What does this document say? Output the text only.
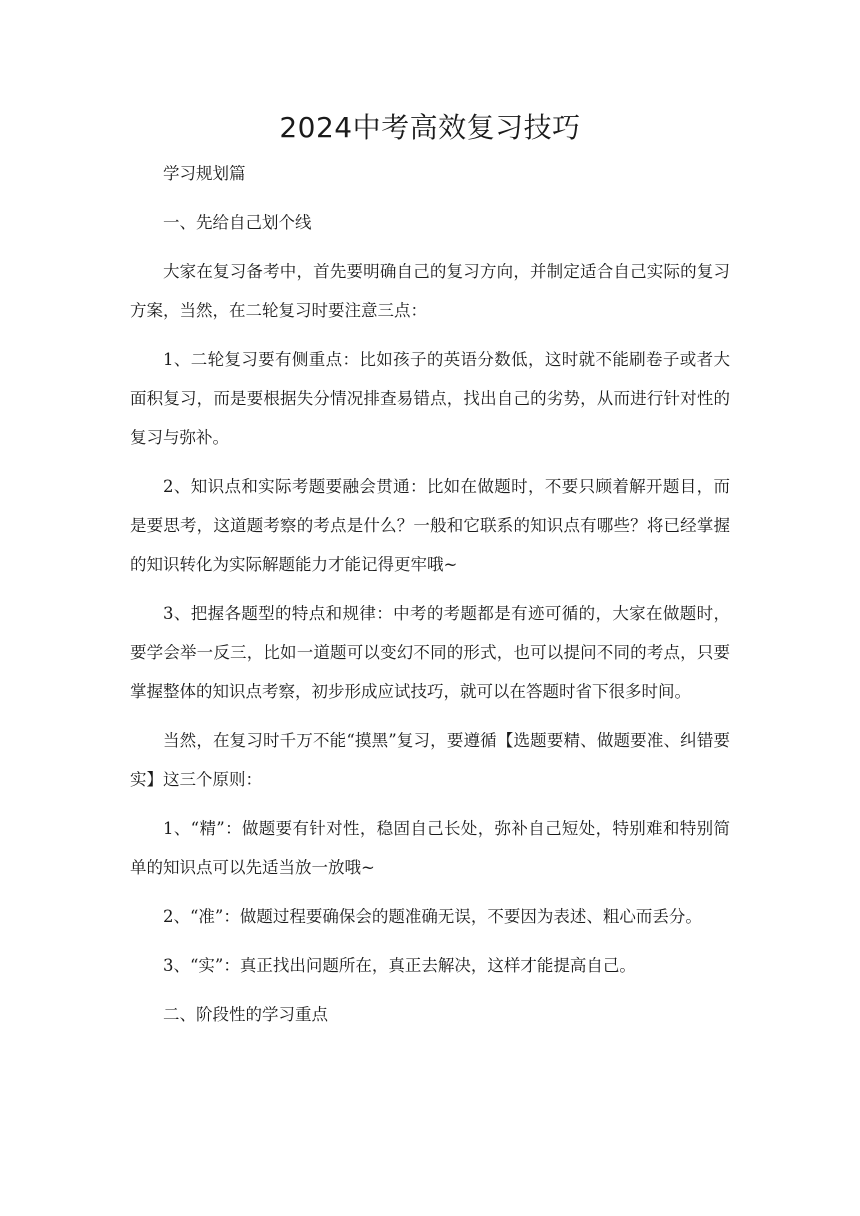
2024中考高效复习技巧

学习规划篇

一、先给自己划个线

大家在复习备考中，首先要明确自己的复习方向，并制定适合自己实际的复习方案，当然，在二轮复习时要注意三点：

1、二轮复习要有侧重点：比如孩子的英语分数低，这时就不能刷卷子或者大面积复习，而是要根据失分情况排查易错点，找出自己的劣势，从而进行针对性的复习与弥补。

2、知识点和实际考题要融会贯通：比如在做题时，不要只顾着解开题目，而是要思考，这道题考察的考点是什么？一般和它联系的知识点有哪些？将已经掌握的知识转化为实际解题能力才能记得更牢哦~

3、把握各题型的特点和规律：中考的考题都是有迹可循的，大家在做题时，要学会举一反三，比如一道题可以变幻不同的形式，也可以提问不同的考点，只要掌握整体的知识点考察，初步形成应试技巧，就可以在答题时省下很多时间。

当然，在复习时千万不能“摸黑”复习，要遵循【选题要精、做题要准、纠错要实】这三个原则：

1、“精”：做题要有针对性，稳固自己长处，弥补自己短处，特别难和特别简单的知识点可以先适当放一放哦~

2、“准”：做题过程要确保会的题准确无误，不要因为表述、粗心而丢分。

3、“实”：真正找出问题所在，真正去解决，这样才能提高自己。

二、阶段性的学习重点
